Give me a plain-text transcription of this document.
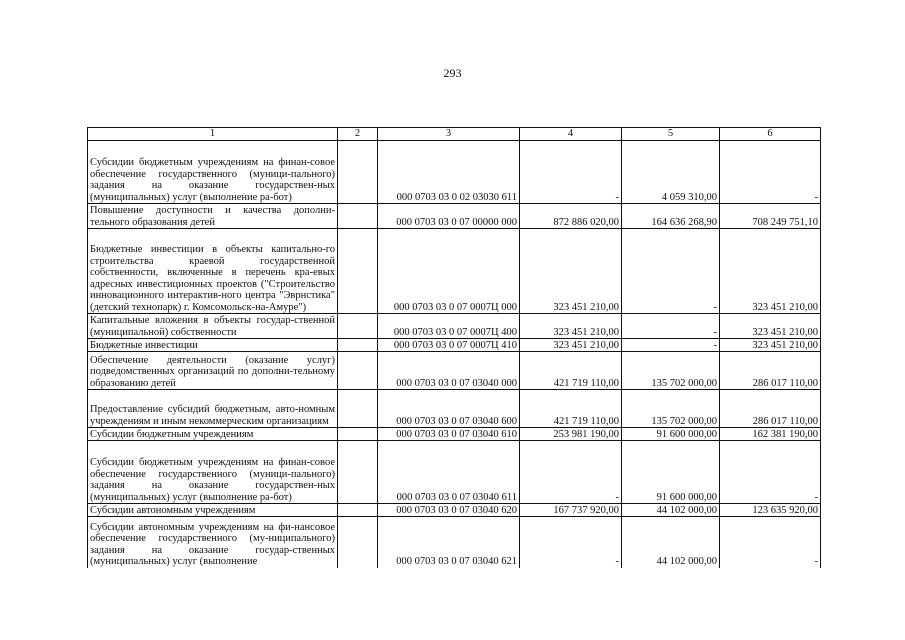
293
1	2	3	4	5	6
Субсидии бюджетным учреждениям на финан-совое обеспечение государственного (муници-пального) задания на оказание государствен-ных (муниципальных) услуг (выполнение ра-бот)		000 0703 03 0 02 03030 611	-	4 059 310,00	-
Повышение доступности и качества дополни-тельного образования детей		000 0703 03 0 07 00000 000	872 886 020,00	164 636 268,90	708 249 751,10
Бюджетные инвестиции в объекты капитально-го строительства краевой государственной собственности, включенные в перечень кра-евых адресных инвестиционных проектов ("Строительство инновационного интерактив-ного центра "Эврнстика" (детский технопарк) г. Комсомольск-на-Амуре")		000 0703 03 0 07 0007Ц 000	323 451 210,00	-	323 451 210,00
Капитальные вложения в объекты государ-ственной (муниципальной) собственности		000 0703 03 0 07 0007Ц 400	323 451 210,00	-	323 451 210,00
Бюджетные инвестиции		000 0703 03 0 07 0007Ц 410	323 451 210,00	-	323 451 210,00
Обеспечение деятельности (оказание услуг) подведомственных организаций по дополни-тельному образованию детей		000 0703 03 0 07 03040 000	421 719 110,00	135 702 000,00	286 017 110,00
Предоставление субсидий бюджетным, авто-номным учреждениям и иным некоммерческим организациям		000 0703 03 0 07 03040 600	421 719 110,00	135 702 000,00	286 017 110,00
Субсидии бюджетным учреждениям		000 0703 03 0 07 03040 610	253 981 190,00	91 600 000,00	162 381 190,00
Субсидии бюджетным учреждениям на финан-совое обеспечение государственного (муници-пального) задания на оказание государствен-ных (муниципальных) услуг (выполнение ра-бот)		000 0703 03 0 07 03040 611	-	91 600 000,00	-
Субсидии автономным учреждениям		000 0703 03 0 07 03040 620	167 737 920,00	44 102 000,00	123 635 920,00
Субсидии автономным учреждениям на фи-нансовое обеспечение государственного (му-ниципального) задания на оказание государ-ственных (муниципальных) услуг (выполнение		000 0703 03 0 07 03040 621	-	44 102 000,00	-
